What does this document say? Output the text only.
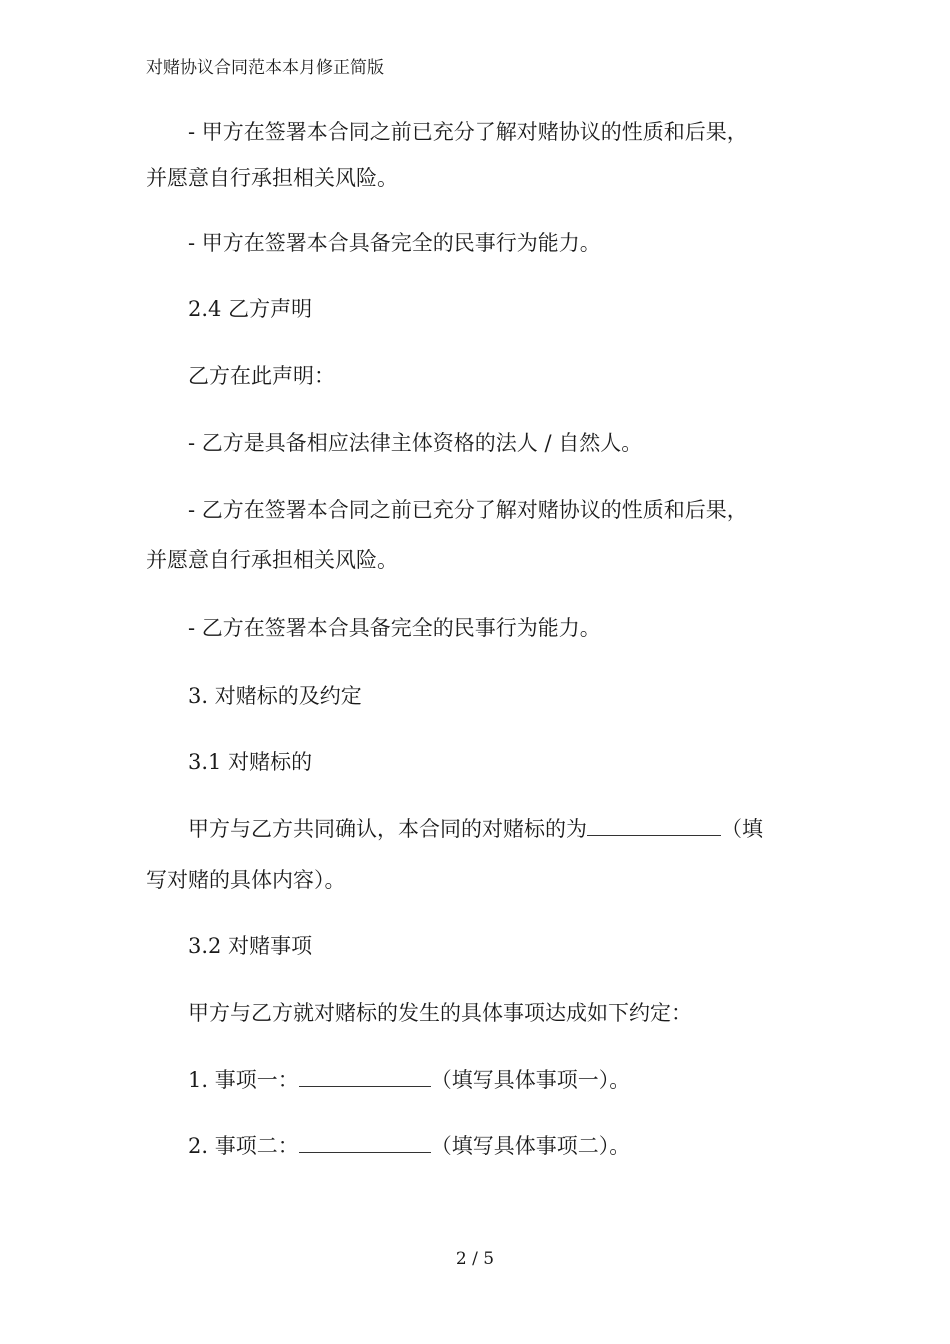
对赌协议合同范本本月修正简版
- 甲方在签署本合同之前已充分了解对赌协议的性质和后果，
并愿意自行承担相关风险。
- 甲方在签署本合具备完全的民事行为能力。
2.4 乙方声明
乙方在此声明：
- 乙方是具备相应法律主体资格的法人 / 自然人。
- 乙方在签署本合同之前已充分了解对赌协议的性质和后果，
并愿意自行承担相关风险。
- 乙方在签署本合具备完全的民事行为能力。
3. 对赌标的及约定
3.1 对赌标的
甲方与乙方共同确认，本合同的对赌标的为	（填
写对赌的具体内容）。
3.2 对赌事项
甲方与乙方就对赌标的发生的具体事项达成如下约定：
1. 事项一：	（填写具体事项一）。
2. 事项二：	（填写具体事项二）。
2 / 5
